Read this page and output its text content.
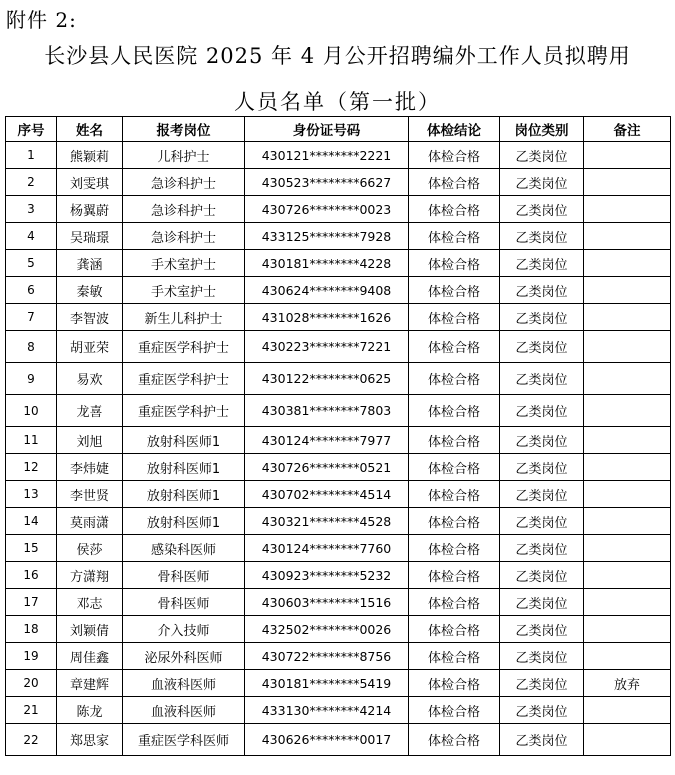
附件 2:
长沙县人民医院 2025 年 4 月公开招聘编外工作人员拟聘用
人员名单（第一批）
序号	姓名	报考岗位	身份证号码	体检结论	岗位类别	备注
1	熊颖莉	儿科护士	430121********2221	体检合格	乙类岗位	
2	刘雯琪	急诊科护士	430523********6627	体检合格	乙类岗位	
3	杨翼蔚	急诊科护士	430726********0023	体检合格	乙类岗位	
4	吴瑞璟	急诊科护士	433125********7928	体检合格	乙类岗位	
5	龚涵	手术室护士	430181********4228	体检合格	乙类岗位	
6	秦敏	手术室护士	430624********9408	体检合格	乙类岗位	
7	李智波	新生儿科护士	431028********1626	体检合格	乙类岗位	
8	胡亚荣	重症医学科护士	430223********7221	体检合格	乙类岗位	
9	易欢	重症医学科护士	430122********0625	体检合格	乙类岗位	
10	龙喜	重症医学科护士	430381********7803	体检合格	乙类岗位	
11	刘旭	放射科医师1	430124********7977	体检合格	乙类岗位	
12	李炜婕	放射科医师1	430726********0521	体检合格	乙类岗位	
13	李世贤	放射科医师1	430702********4514	体检合格	乙类岗位	
14	莫雨潇	放射科医师1	430321********4528	体检合格	乙类岗位	
15	侯莎	感染科医师	430124********7760	体检合格	乙类岗位	
16	方潇翔	骨科医师	430923********5232	体检合格	乙类岗位	
17	邓志	骨科医师	430603********1516	体检合格	乙类岗位	
18	刘颖倩	介入技师	432502********0026	体检合格	乙类岗位	
19	周佳鑫	泌尿外科医师	430722********8756	体检合格	乙类岗位	
20	章建辉	血液科医师	430181********5419	体检合格	乙类岗位	放弃
21	陈龙	血液科医师	433130********4214	体检合格	乙类岗位	
22	郑思家	重症医学科医师	430626********0017	体检合格	乙类岗位	
